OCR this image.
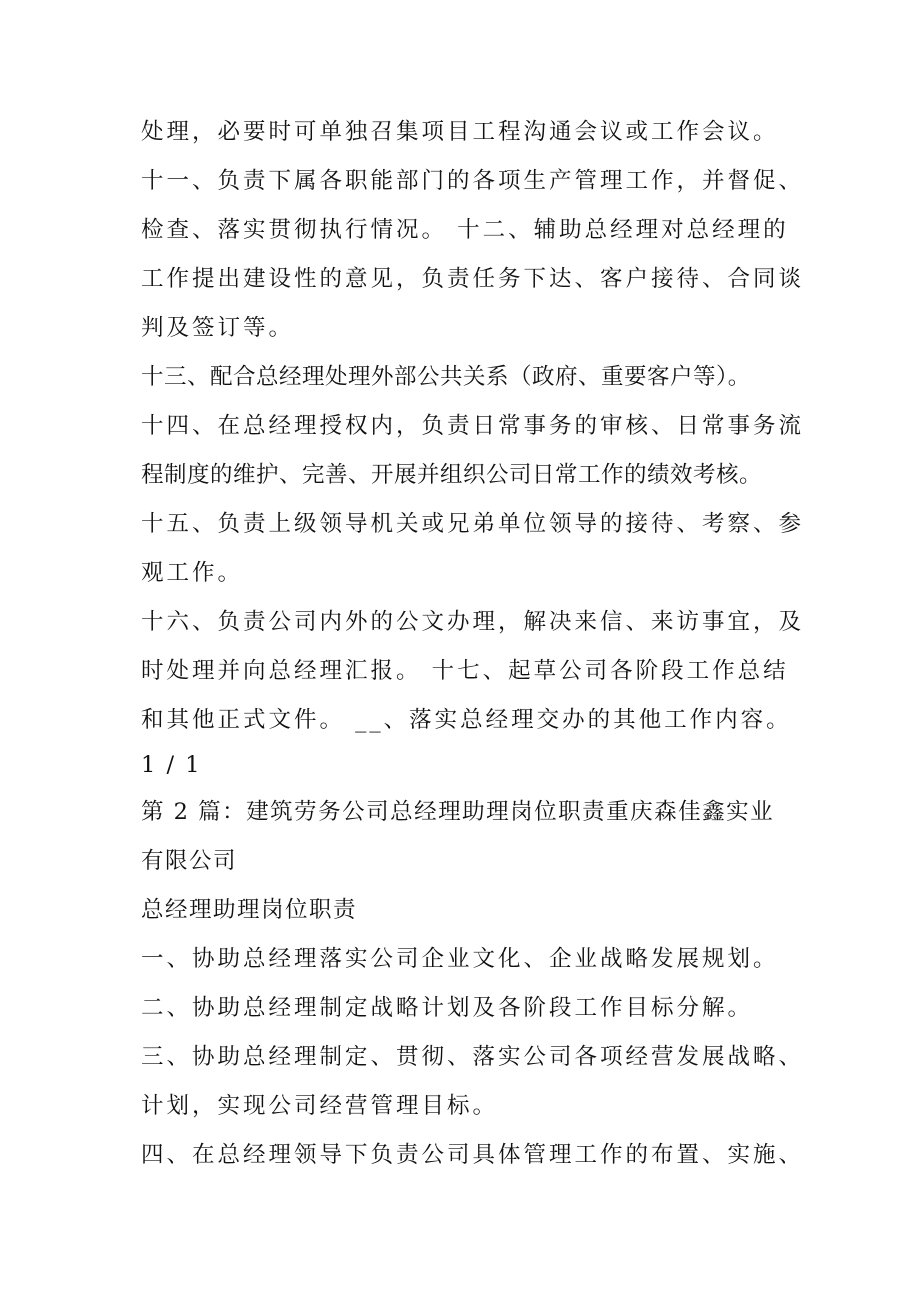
处理，必要时可单独召集项目工程沟通会议或工作会议。

十一、负责下属各职能部门的各项生产管理工作，并督促、

检查、落实贯彻执行情况。 十二、辅助总经理对总经理的

工作提出建设性的意见，负责任务下达、客户接待、合同谈

判及签订等。

十三、配合总经理处理外部公共关系（政府、重要客户等）。

十四、在总经理授权内，负责日常事务的审核、日常事务流

程制度的维护、完善、开展并组织公司日常工作的绩效考核。

十五、负责上级领导机关或兄弟单位领导的接待、考察、参

观工作。

十六、负责公司内外的公文办理，解决来信、来访事宜，及

时处理并向总经理汇报。 十七、起草公司各阶段工作总结

和其他正式文件。 __、落实总经理交办的其他工作内容。

1 / 1

第 2 篇：建筑劳务公司总经理助理岗位职责重庆森佳鑫实业

有限公司

总经理助理岗位职责

一、协助总经理落实公司企业文化、企业战略发展规划。

二、协助总经理制定战略计划及各阶段工作目标分解。

三、协助总经理制定、贯彻、落实公司各项经营发展战略、

计划，实现公司经营管理目标。

四、在总经理领导下负责公司具体管理工作的布置、实施、
